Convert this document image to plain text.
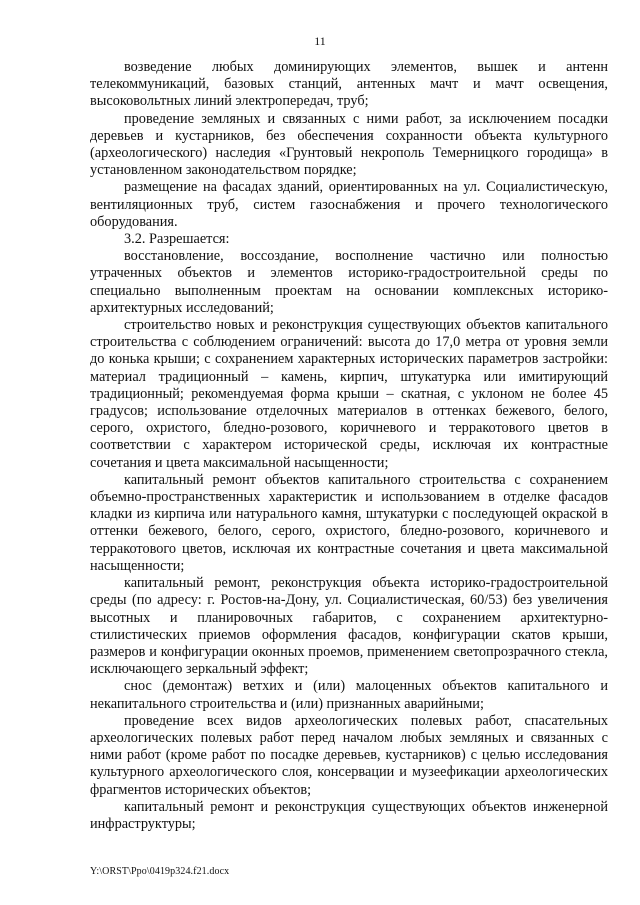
11

возведение любых доминирующих элементов, вышек и антенн телекоммуникаций, базовых станций, антенных мачт и мачт освещения, высоковольтных линий электропередач, труб;

проведение земляных и связанных с ними работ, за исключением посадки деревьев и кустарников, без обеспечения сохранности объекта культурного (археологического) наследия «Грунтовый некрополь Темерницкого городища» в установленном законодательством порядке;

размещение на фасадах зданий, ориентированных на ул. Социалистическую, вентиляционных труб, систем газоснабжения и прочего технологического оборудования.

3.2. Разрешается:

восстановление, воссоздание, восполнение частично или полностью утраченных объектов и элементов историко-градостроительной среды по специально выполненным проектам на основании комплексных историко-архитектурных исследований;

строительство новых и реконструкция существующих объектов капитального строительства с соблюдением ограничений: высота до 17,0 метра от уровня земли до конька крыши; с сохранением характерных исторических параметров застройки: материал традиционный – камень, кирпич, штукатурка или имитирующий традиционный; рекомендуемая форма крыши – скатная, с уклоном не более 45 градусов; использование отделочных материалов в оттенках бежевого, белого, серого, охристого, бледно-розового, коричневого и терракотового цветов в соответствии с характером исторической среды, исключая их контрастные сочетания и цвета максимальной насыщенности;

капитальный ремонт объектов капитального строительства с сохранением объемно-пространственных характеристик и использованием в отделке фасадов кладки из кирпича или натурального камня, штукатурки с последующей окраской в оттенки бежевого, белого, серого, охристого, бледно-розового, коричневого и терракотового цветов, исключая их контрастные сочетания и цвета максимальной насыщенности;

капитальный ремонт, реконструкция объекта историко-градостроительной среды (по адресу: г. Ростов-на-Дону, ул. Социалистическая, 60/53) без увеличения высотных и планировочных габаритов, с сохранением архитектурно-стилистических приемов оформления фасадов, конфигурации скатов крыши, размеров и конфигурации оконных проемов, применением светопрозрачного стекла, исключающего зеркальный эффект;

снос (демонтаж) ветхих и (или) малоценных объектов капитального и некапитального строительства и (или) признанных аварийными;

проведение всех видов археологических полевых работ, спасательных археологических полевых работ перед началом любых земляных и связанных с ними работ (кроме работ по посадке деревьев, кустарников) с целью исследования культурного археологического слоя, консервации и музеефикации археологических фрагментов исторических объектов;

капитальный ремонт и реконструкция существующих объектов инженерной инфраструктуры;

Y:\ORST\Ppo\0419p324.f21.docx
